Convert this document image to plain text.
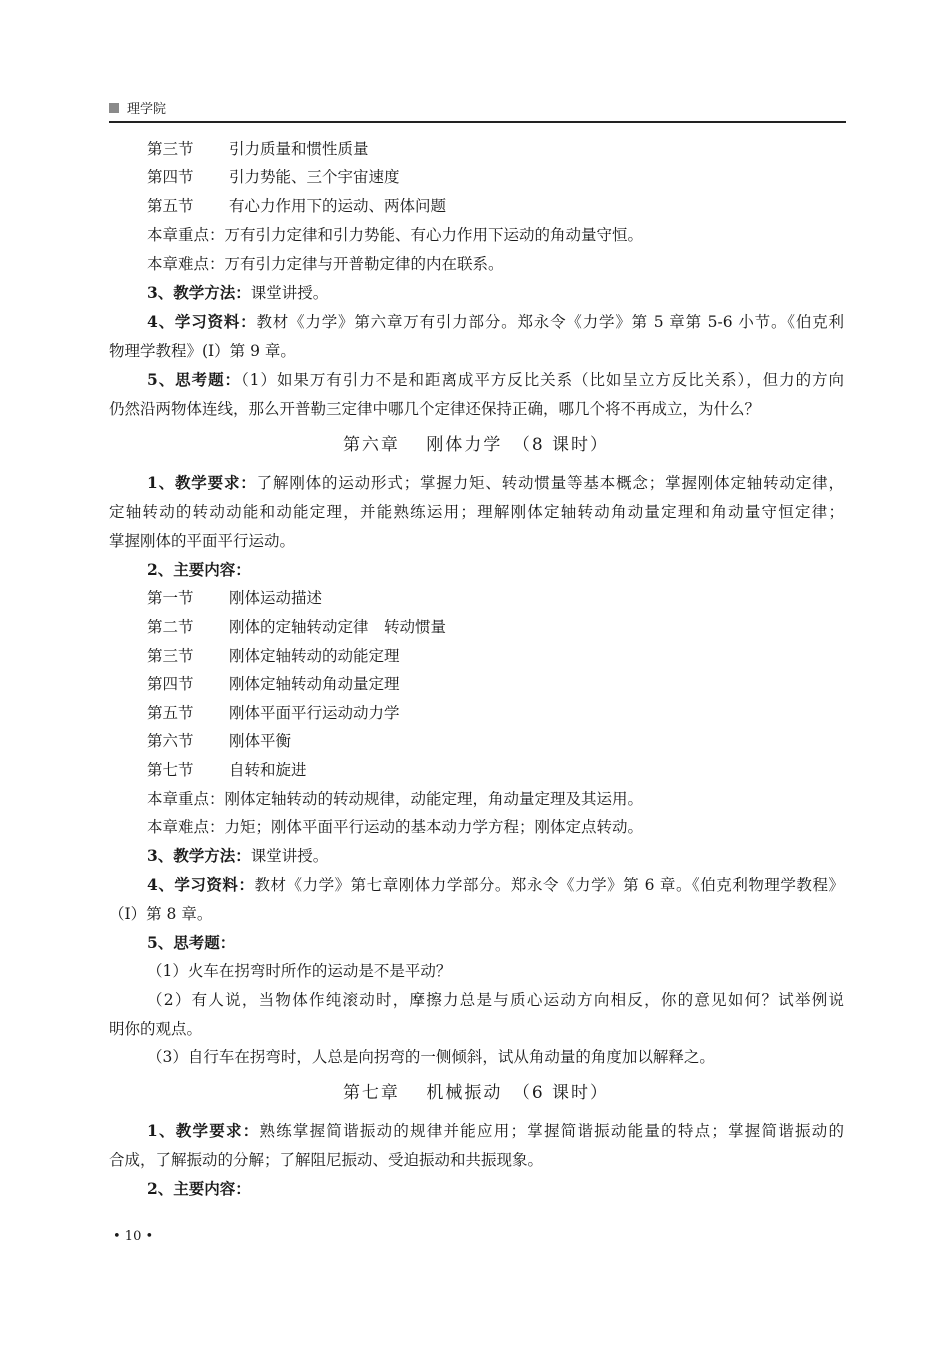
理学院
第三节 引力质量和惯性质量
第四节 引力势能、三个宇宙速度
第五节 有心力作用下的运动、两体问题
本章重点：万有引力定律和引力势能、有心力作用下运动的角动量守恒。
本章难点：万有引力定律与开普勒定律的内在联系。
3、教学方法：课堂讲授。
4、学习资料：教材《力学》第六章万有引力部分。郑永令《力学》第 5 章第 5-6 小节。《伯克利
物理学教程》(I）第 9 章。
5、思考题：（1）如果万有引力不是和距离成平方反比关系（比如呈立方反比关系），但力的方向
仍然沿两物体连线，那么开普勒三定律中哪几个定律还保持正确，哪几个将不再成立，为什么？
第六章　 刚体力学　（8 课时）
1、教学要求：了解刚体的运动形式；掌握力矩、转动惯量等基本概念；掌握刚体定轴转动定律，
定轴转动的转动动能和动能定理，并能熟练运用；理解刚体定轴转动角动量定理和角动量守恒定律；
掌握刚体的平面平行运动。
2、主要内容：
第一节 刚体运动描述
第二节 刚体的定轴转动定律　转动惯量
第三节 刚体定轴转动的动能定理
第四节 刚体定轴转动角动量定理
第五节 刚体平面平行运动动力学
第六节 刚体平衡
第七节 自转和旋进
本章重点：刚体定轴转动的转动规律，动能定理，角动量定理及其运用。
本章难点：力矩；刚体平面平行运动的基本动力学方程；刚体定点转动。
3、教学方法：课堂讲授。
4、学习资料：教材《力学》第七章刚体力学部分。郑永令《力学》第 6 章。《伯克利物理学教程》
（I）第 8 章。
5、思考题：
（1）火车在拐弯时所作的运动是不是平动？
（2）有人说，当物体作纯滚动时，摩擦力总是与质心运动方向相反，你的意见如何？试举例说
明你的观点。
（3）自行车在拐弯时，人总是向拐弯的一侧倾斜，试从角动量的角度加以解释之。
第七章　 机械振动　（6 课时）
1、教学要求：熟练掌握简谐振动的规律并能应用；掌握简谐振动能量的特点；掌握简谐振动的
合成，了解振动的分解；了解阻尼振动、受迫振动和共振现象。
2、主要内容：
• 10 •
